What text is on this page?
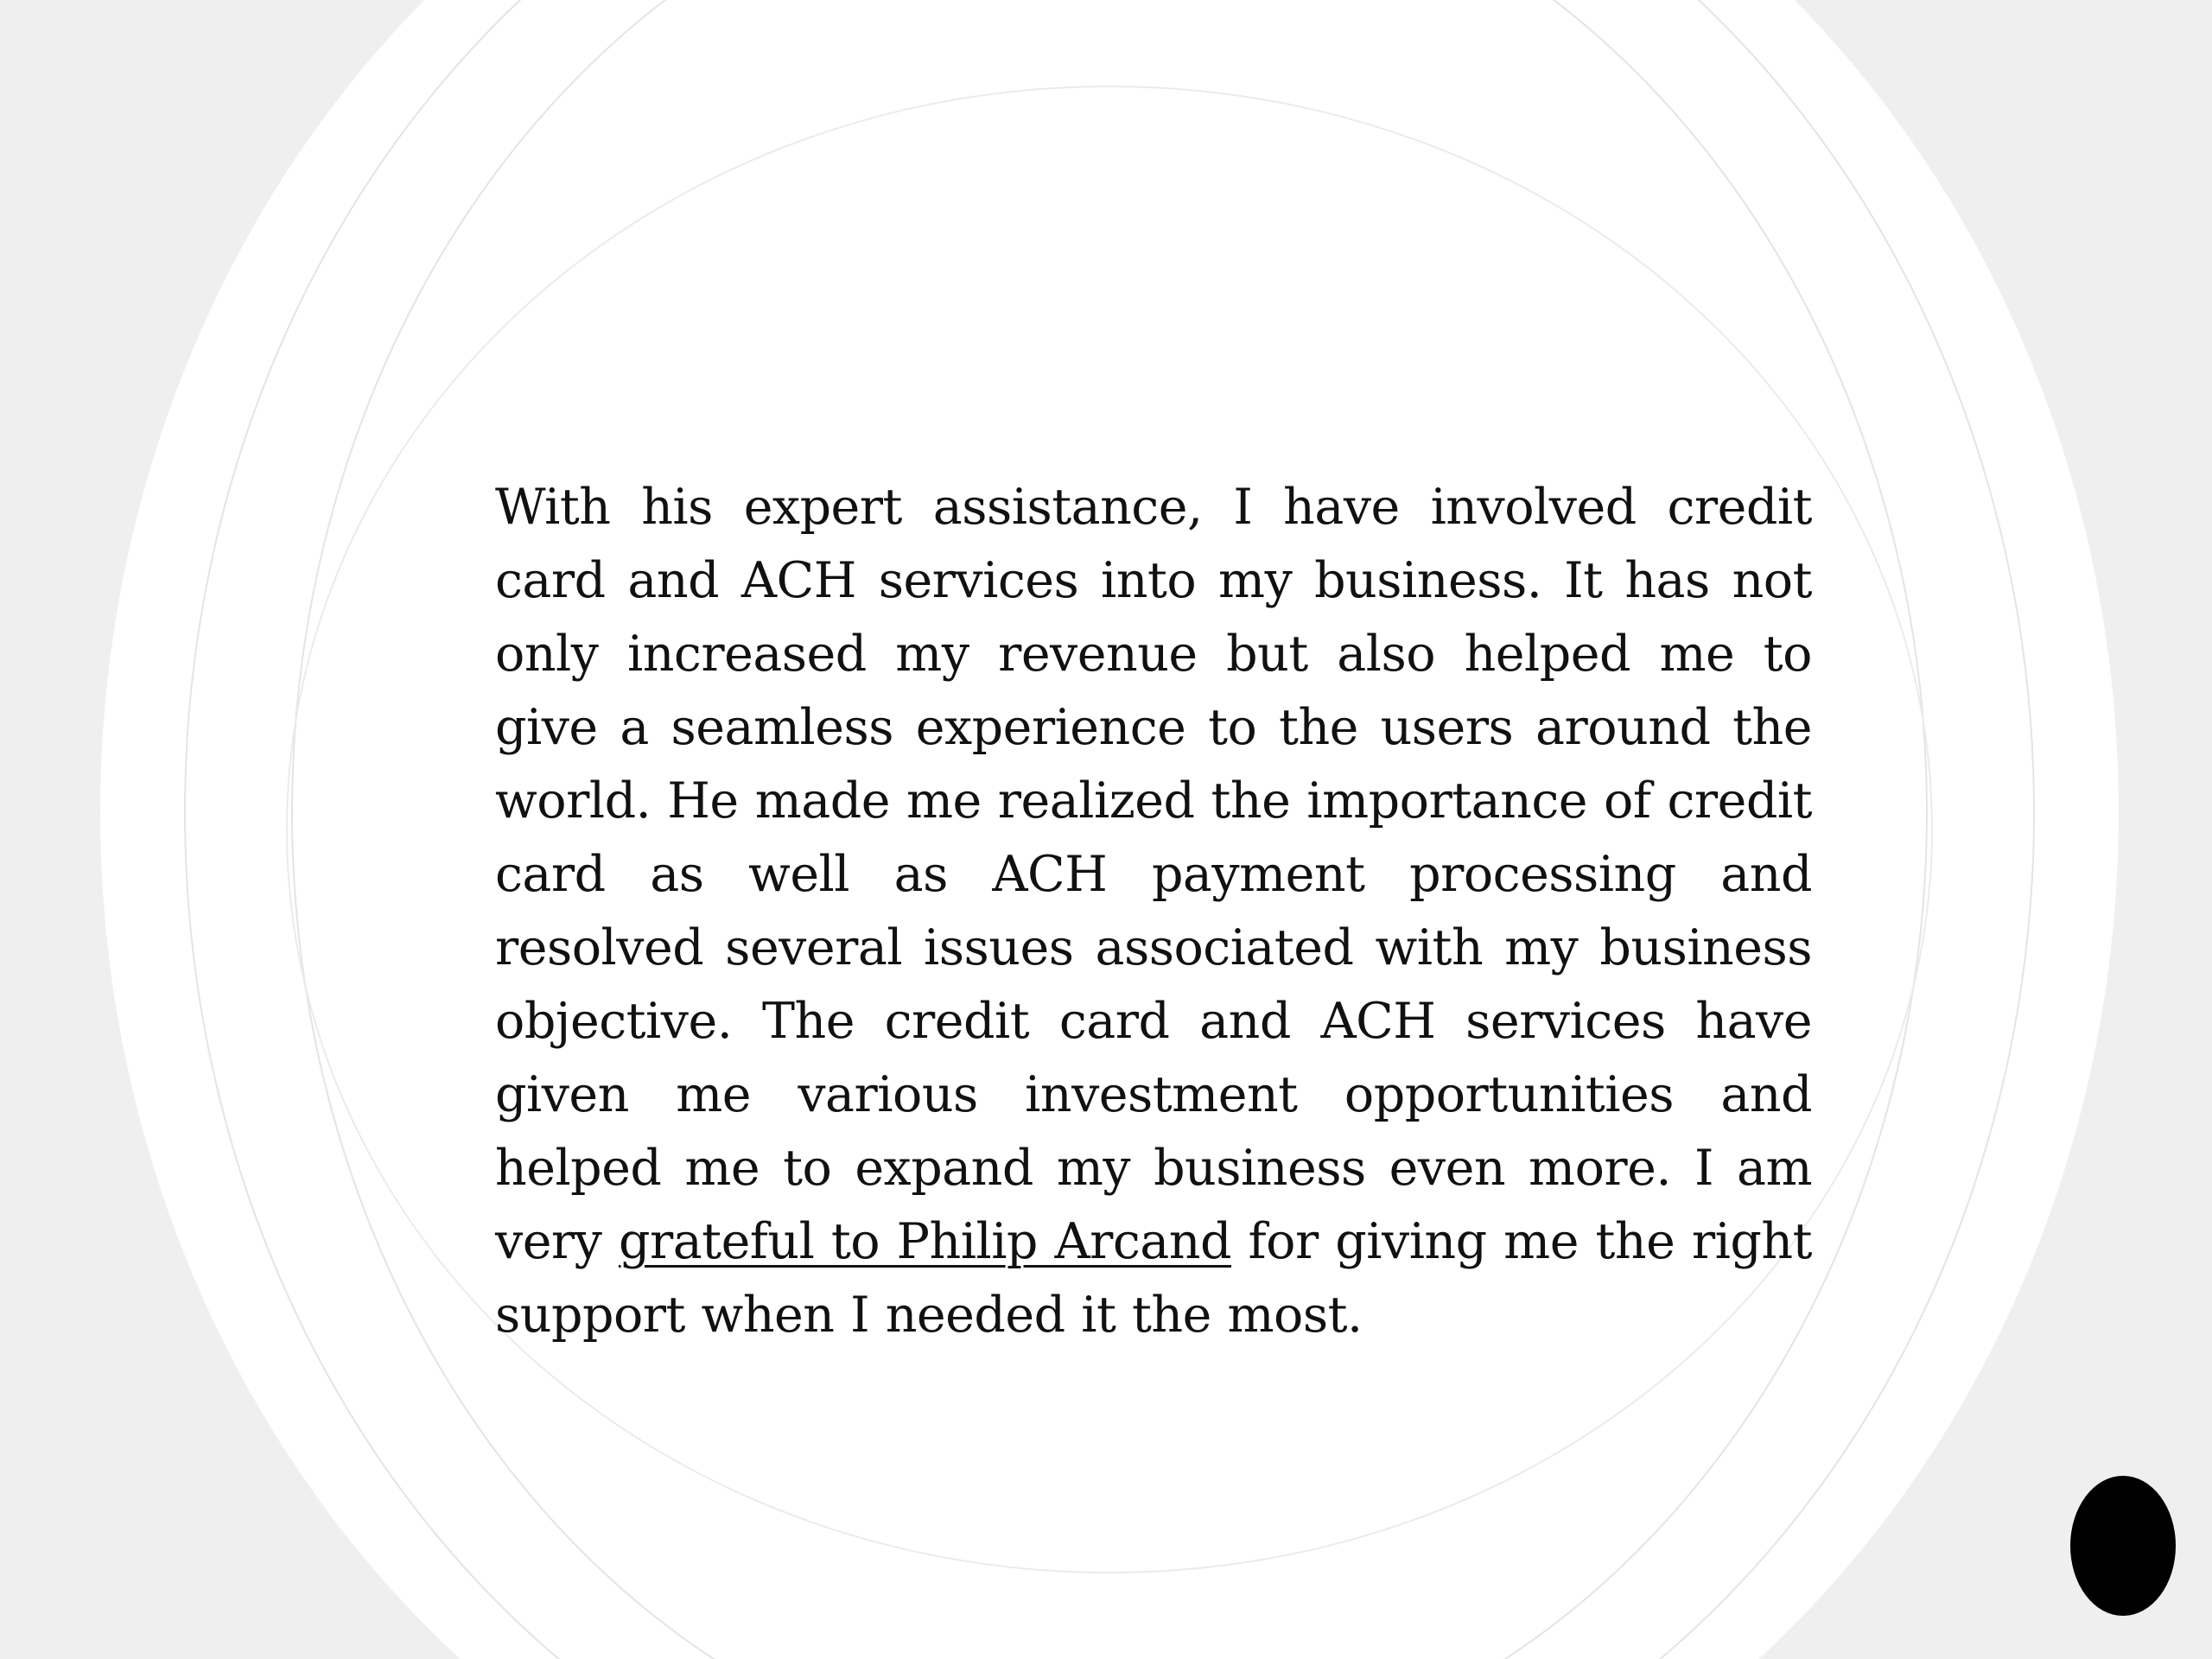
With his expert assistance, I have involved credit card and ACH services into my business. It has not only increased my revenue but also helped me to give a seamless experience to the users around the world. He made me realized the importance of credit card as well as ACH payment processing and resolved several issues associated with my business objective. The credit card and ACH services have given me various investment opportunities and helped me to expand my business even more. I am very grateful to Philip Arcand for giving me the right support when I needed it the most.
